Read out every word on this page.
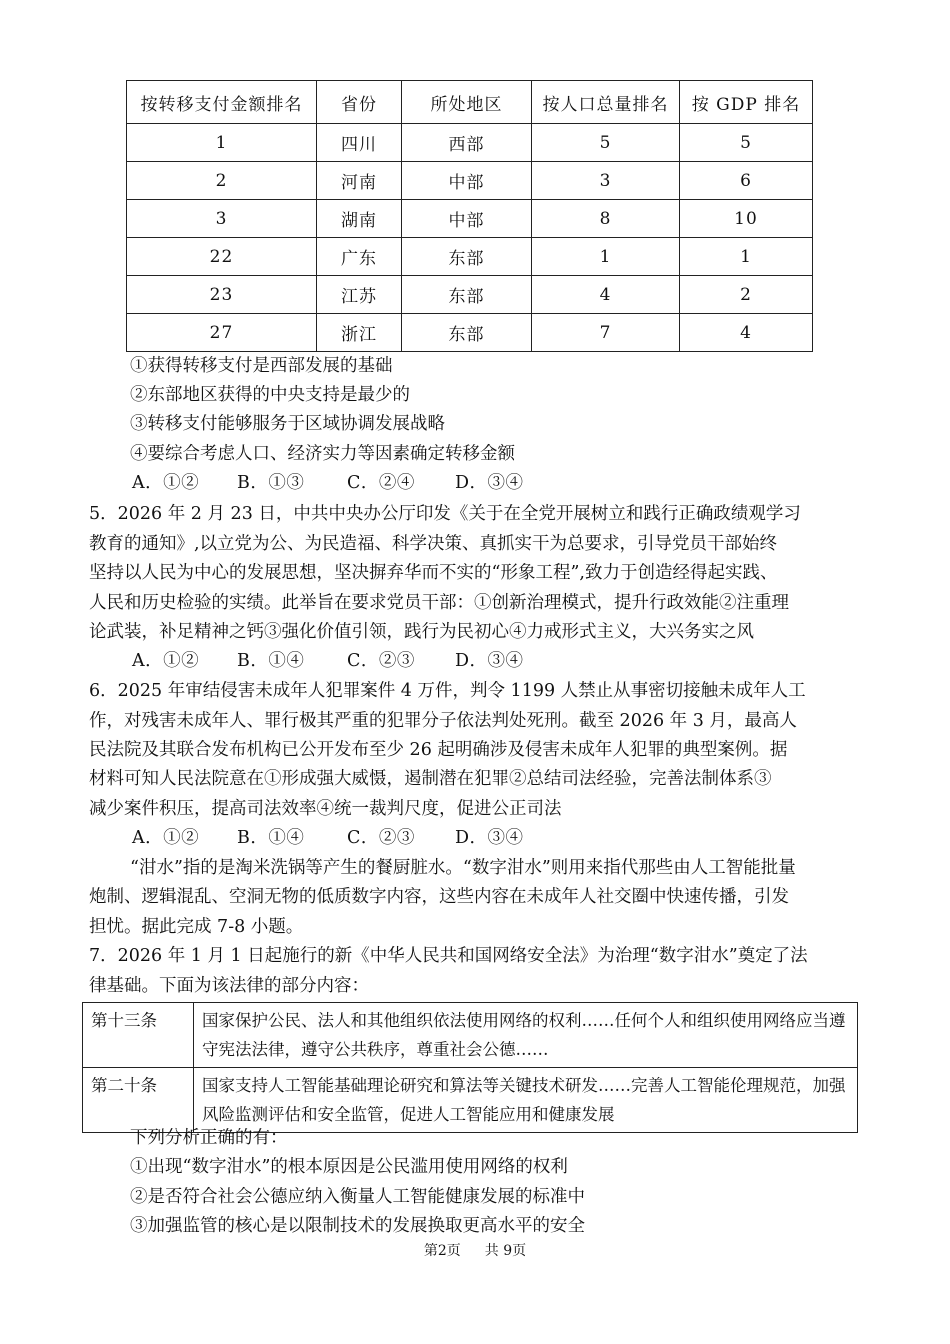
按转移支付金额排名	省份	所处地区	按人口总量排名	按 GDP 排名
1	四川	西部	5	5
2	河南	中部	3	6
3	湖南	中部	8	10
22	广东	东部	1	1
23	江苏	东部	4	2
27	浙江	东部	7	4
①获得转移支付是西部发展的基础
②东部地区获得的中央支持是最少的
③转移支付能够服务于区域协调发展战略
④要综合考虑人口、经济实力等因素确定转移金额
A．①② B．①③ C．②④ D．③④
5．2026 年 2 月 23 日，中共中央办公厅印发《关于在全党开展树立和践行正确政绩观学习
教育的通知》,以立党为公、为民造福、科学决策、真抓实干为总要求，引导党员干部始终
坚持以人民为中心的发展思想，坚决摒弃华而不实的“形象工程”,致力于创造经得起实践、
人民和历史检验的实绩。此举旨在要求党员干部：①创新治理模式，提升行政效能②注重理
论武装，补足精神之钙③强化价值引领，践行为民初心④力戒形式主义，大兴务实之风
A．①② B．①④ C．②③ D．③④
6．2025 年审结侵害未成年人犯罪案件 4 万件，判令 1199 人禁止从事密切接触未成年人工
作，对残害未成年人、罪行极其严重的犯罪分子依法判处死刑。截至 2026 年 3 月，最高人
民法院及其联合发布机构已公开发布至少 26 起明确涉及侵害未成年人犯罪的典型案例。据
材料可知人民法院意在①形成强大威慑，遏制潜在犯罪②总结司法经验，完善法制体系③
减少案件积压，提高司法效率④统一裁判尺度，促进公正司法
A．①② B．①④ C．②③ D．③④
“泔水”指的是淘米洗锅等产生的餐厨脏水。“数字泔水”则用来指代那些由人工智能批量
炮制、逻辑混乱、空洞无物的低质数字内容，这些内容在未成年人社交圈中快速传播，引发
担忧。据此完成 7-8 小题。
7．2026 年 1 月 1 日起施行的新《中华人民共和国网络安全法》为治理“数字泔水”奠定了法
律基础。下面为该法律的部分内容：
第十三条	国家保护公民、法人和其他组织依法使用网络的权利……任何个人和组织使用网络应当遵守宪法法律，遵守公共秩序，尊重社会公德……
第二十条	国家支持人工智能基础理论研究和算法等关键技术研发……完善人工智能伦理规范，加强风险监测评估和安全监管，促进人工智能应用和健康发展
下列分析正确的有：
①出现“数字泔水”的根本原因是公民滥用使用网络的权利
②是否符合社会公德应纳入衡量人工智能健康发展的标准中
③加强监管的核心是以限制技术的发展换取更高水平的安全
第2页 共 9页
